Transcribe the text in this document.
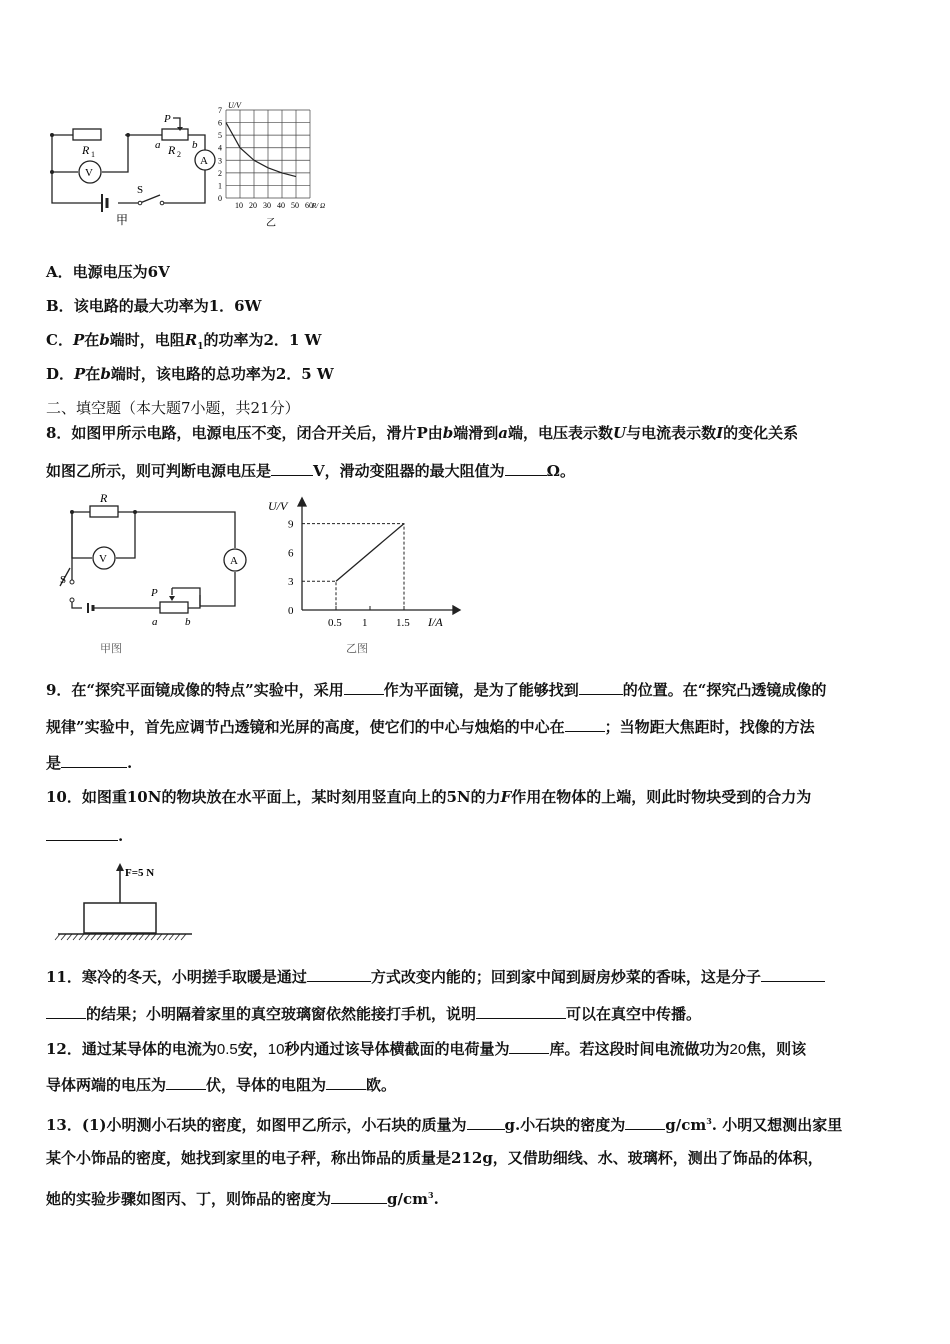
R 1	R 2
P
a	b
V
A
S
甲
U/V
R/ Ω
7
6
5
4
3
2
1
0
10 20 30 40 50 60
乙
A．电源电压为6V
B．该电路的最大功率为1．6W
C．P在b端时，电阻$R_1$的功率为2．1 W
D．P在b端时，该电路的总功率为2．5 W
二、填空题（本大题7小题，共21分）
8．如图甲所示电路，电源电压不变，闭合开关后，滑片P由b端滑到a端，电压表示数U与电流表示数I的变化关系
如图乙所示，则可判断电源电压是	V，滑动变阻器的最大阻值为	Ω。
R
V	A
S
P
a	b
甲图
U/V
I/A
9
6
3
0
0.5 1	1.5
乙图
9．在“探究平面镜成像的特点”实验中，采用	作为平面镜，是为了能够找到	的位置。在“探究凸透镜成像的
规律”实验中，首先应调节凸透镜和光屏的高度，使它们的中心与烛焰的中心在	；当物距大焦距时，找像的方法
是	.
10．如图重10N的物块放在水平面上，某时刻用竖直向上的5N的力F作用在物体的上端，则此时物块受到的合力为
.
F=5 N
11．寒冷的冬天，小明搓手取暖是通过	方式改变内能的；回到家中闻到厨房炒菜的香味，这是分子
的结果；小明隔着家里的真空玻璃窗依然能接打手机，说明	可以在真空中传播。
12．通过某导体的电流为0.5安，10秒内通过该导体横截面的电荷量为	库。若这段时间电流做功为20焦，则该
导体两端的电压为	伏，导体的电阻为	欧。
13．(1)小明测小石块的密度，如图甲乙所示，小石块的质量为	g.小石块的密度为	$g/cm^3$. 小明又想测出家里
某个小饰品的密度，她找到家里的电子秤，称出饰品的质量是212g，又借助细线、水、玻璃杯，测出了饰品的体积，
她的实验步骤如图丙、丁，则饰品的密度为	$g/cm^3$.
